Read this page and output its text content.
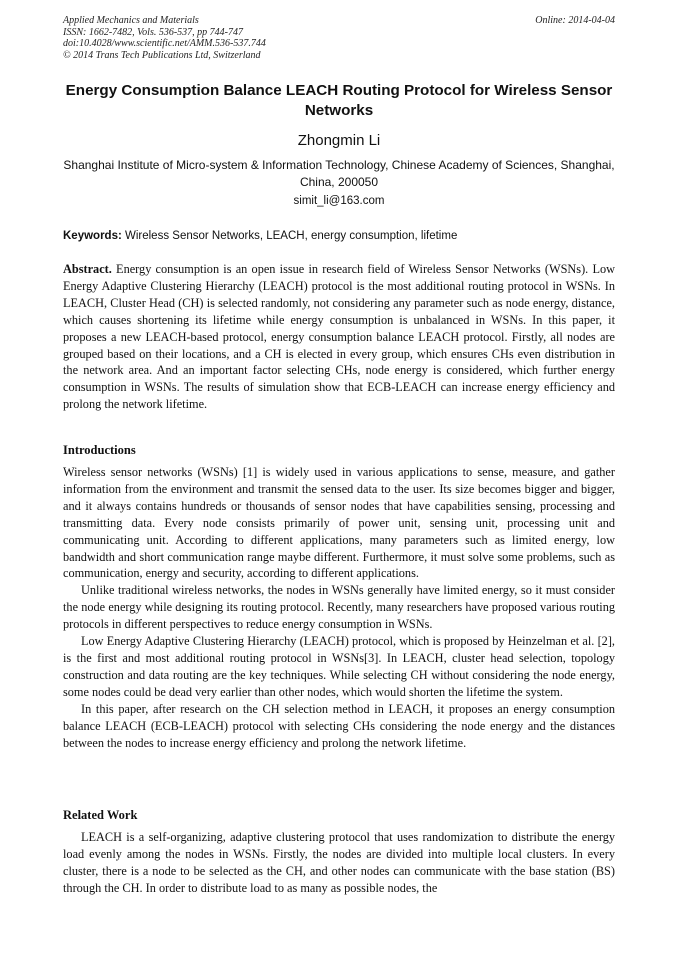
Applied Mechanics and Materials
ISSN: 1662-7482, Vols. 536-537, pp 744-747
doi:10.4028/www.scientific.net/AMM.536-537.744
© 2014 Trans Tech Publications Ltd, Switzerland
Online: 2014-04-04
Energy Consumption Balance LEACH Routing Protocol for Wireless Sensor Networks
Zhongmin Li
Shanghai Institute of Micro-system & Information Technology, Chinese Academy of Sciences, Shanghai, China, 200050
simit_li@163.com
Keywords: Wireless Sensor Networks, LEACH, energy consumption, lifetime

Abstract. Energy consumption is an open issue in research field of Wireless Sensor Networks (WSNs). Low Energy Adaptive Clustering Hierarchy (LEACH) protocol is the most additional routing protocol in WSNs. In LEACH, Cluster Head (CH) is selected randomly, not considering any parameter such as node energy, distance, which causes shortening its lifetime while energy consumption is unbalanced in WSNs. In this paper, it proposes a new LEACH-based protocol, energy consumption balance LEACH protocol. Firstly, all nodes are grouped based on their locations, and a CH is elected in every group, which ensures CHs even distribution in the network area. And an important factor selecting CHs, node energy is considered, which further energy consumption in WSNs. The results of simulation show that ECB-LEACH can increase energy efficiency and prolong the network lifetime.

Introductions

Wireless sensor networks (WSNs) [1] is widely used in various applications to sense, measure, and gather information from the environment and transmit the sensed data to the user. Its size becomes bigger and bigger, and it always contains hundreds or thousands of sensor nodes that have capabilities sensing, processing and transmitting data. Every node consists primarily of power unit, sensing unit, processing unit and communicating unit. According to different applications, many parameters such as limited energy, low bandwidth and short communication range maybe different. Furthermore, it must solve some problems, such as communication, energy and security, according to different applications.

Unlike traditional wireless networks, the nodes in WSNs generally have limited energy, so it must consider the node energy while designing its routing protocol. Recently, many researchers have proposed various routing protocols in different perspectives to reduce energy consumption in WSNs.

Low Energy Adaptive Clustering Hierarchy (LEACH) protocol, which is proposed by Heinzelman et al. [2], is the first and most additional routing protocol in WSNs[3]. In LEACH, cluster head selection, topology construction and data routing are the key techniques. While selecting CH without considering the node energy, some nodes could be dead very earlier than other nodes, which would shorten the lifetime the system.

In this paper, after research on the CH selection method in LEACH, it proposes an energy consumption balance LEACH (ECB-LEACH) protocol with selecting CHs considering the node energy and the distances between the nodes to increase energy efficiency and prolong the network lifetime.

Related Work

LEACH is a self-organizing, adaptive clustering protocol that uses randomization to distribute the energy load evenly among the nodes in WSNs. Firstly, the nodes are divided into multiple local clusters. In every cluster, there is a node to be selected as the CH, and other nodes can communicate with the base station (BS) through the CH. In order to distribute load to as many as possible nodes, the
